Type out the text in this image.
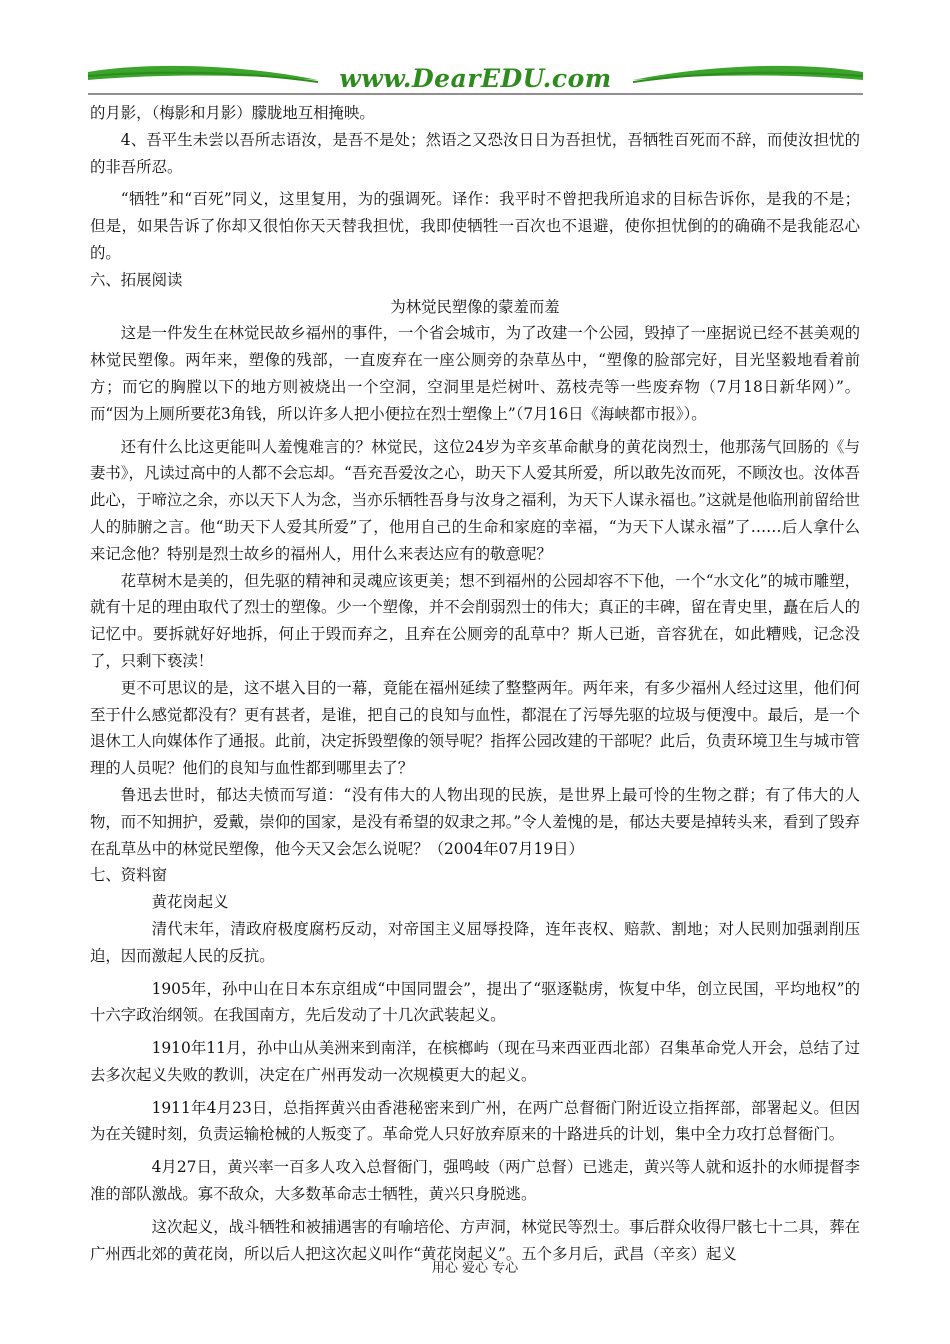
www.DearEDU.com

的月影，（梅影和月影）朦胧地互相掩映。

4、吾平生未尝以吾所志语汝，是吾不是处；然语之又恐汝日日为吾担忧，吾牺牲百死而不辞，而使汝担忧的的非吾所忍。

“牺牲”和“百死”同义，这里复用，为的强调死。译作：我平时不曾把我所追求的目标告诉你，是我的不是；但是，如果告诉了你却又很怕你天天替我担忧，我即使牺牲一百次也不退避，使你担忧倒的的确确不是我能忍心的。

六、拓展阅读

为林觉民塑像的蒙羞而羞

这是一件发生在林觉民故乡福州的事件，一个省会城市，为了改建一个公园，毁掉了一座据说已经不甚美观的林觉民塑像。两年来，塑像的残部，一直废弃在一座公厕旁的杂草丛中，“塑像的脸部完好，目光坚毅地看着前方；而它的胸膛以下的地方则被烧出一个空洞，空洞里是烂树叶、荔枝壳等一些废弃物（7月18日新华网）”。而“因为上厕所要花3角钱，所以许多人把小便拉在烈士塑像上”（7月16日《海峡都市报》）。

还有什么比这更能叫人羞愧难言的？林觉民，这位24岁为辛亥革命献身的黄花岗烈士，他那荡气回肠的《与妻书》，凡读过高中的人都不会忘却。“吾充吾爱汝之心，助天下人爱其所爱，所以敢先汝而死，不顾汝也。汝体吾此心，于啼泣之余，亦以天下人为念，当亦乐牺牲吾身与汝身之福利，为天下人谋永福也。”这就是他临刑前留给世人的肺腑之言。他“助天下人爱其所爱”了，他用自己的生命和家庭的幸福，“为天下人谋永福”了……后人拿什么来记念他？特别是烈士故乡的福州人，用什么来表达应有的敬意呢？

花草树木是美的，但先驱的精神和灵魂应该更美；想不到福州的公园却容不下他，一个“水文化”的城市雕塑，就有十足的理由取代了烈士的塑像。少一个塑像，并不会削弱烈士的伟大；真正的丰碑，留在青史里，矗在后人的记忆中。要拆就好好地拆，何止于毁而弃之，且弃在公厕旁的乱草中？斯人已逝，音容犹在，如此糟贱，记念没了，只剩下亵渎！

更不可思议的是，这不堪入目的一幕，竟能在福州延续了整整两年。两年来，有多少福州人经过这里，他们何至于什么感觉都没有？更有甚者，是谁，把自己的良知与血性，都混在了污辱先驱的垃圾与便溲中。最后，是一个退休工人向媒体作了通报。此前，决定拆毁塑像的领导呢？指挥公园改建的干部呢？此后，负责环境卫生与城市管理的人员呢？他们的良知与血性都到哪里去了？

鲁迅去世时，郁达夫愤而写道：“没有伟大的人物出现的民族，是世界上最可怜的生物之群；有了伟大的人物，而不知拥护，爱戴，崇仰的国家，是没有希望的奴隶之邦。”令人羞愧的是，郁达夫要是掉转头来，看到了毁弃在乱草丛中的林觉民塑像，他今天又会怎么说呢？（2004年07月19日）

七、资料窗

黄花岗起义

清代末年，清政府极度腐朽反动，对帝国主义屈辱投降，连年丧权、赔款、割地；对人民则加强剥削压迫，因而激起人民的反抗。

1905年，孙中山在日本东京组成“中国同盟会”，提出了“驱逐鞑虏，恢复中华，创立民国，平均地权”的十六字政治纲领。在我国南方，先后发动了十几次武装起义。

1910年11月，孙中山从美洲来到南洋，在槟榔屿（现在马来西亚西北部）召集革命党人开会，总结了过去多次起义失败的教训，决定在广州再发动一次规模更大的起义。

1911年4月23日，总指挥黄兴由香港秘密来到广州，在两广总督衙门附近设立指挥部，部署起义。但因为在关键时刻，负责运输枪械的人叛变了。革命党人只好放弃原来的十路进兵的计划，集中全力攻打总督衙门。

4月27日，黄兴率一百多人攻入总督衙门，强鸣岐（两广总督）已逃走，黄兴等人就和返扑的水师提督李准的部队激战。寡不敌众，大多数革命志士牺牲，黄兴只身脱逃。

这次起义，战斗牺牲和被捕遇害的有喻培伦、方声洞，林觉民等烈士。事后群众收得尸骸七十二具，葬在广州西北郊的黄花岗，所以后人把这次起义叫作“黄花岗起义”。五个多月后，武昌（辛亥）起义

用心 爱心 专心
